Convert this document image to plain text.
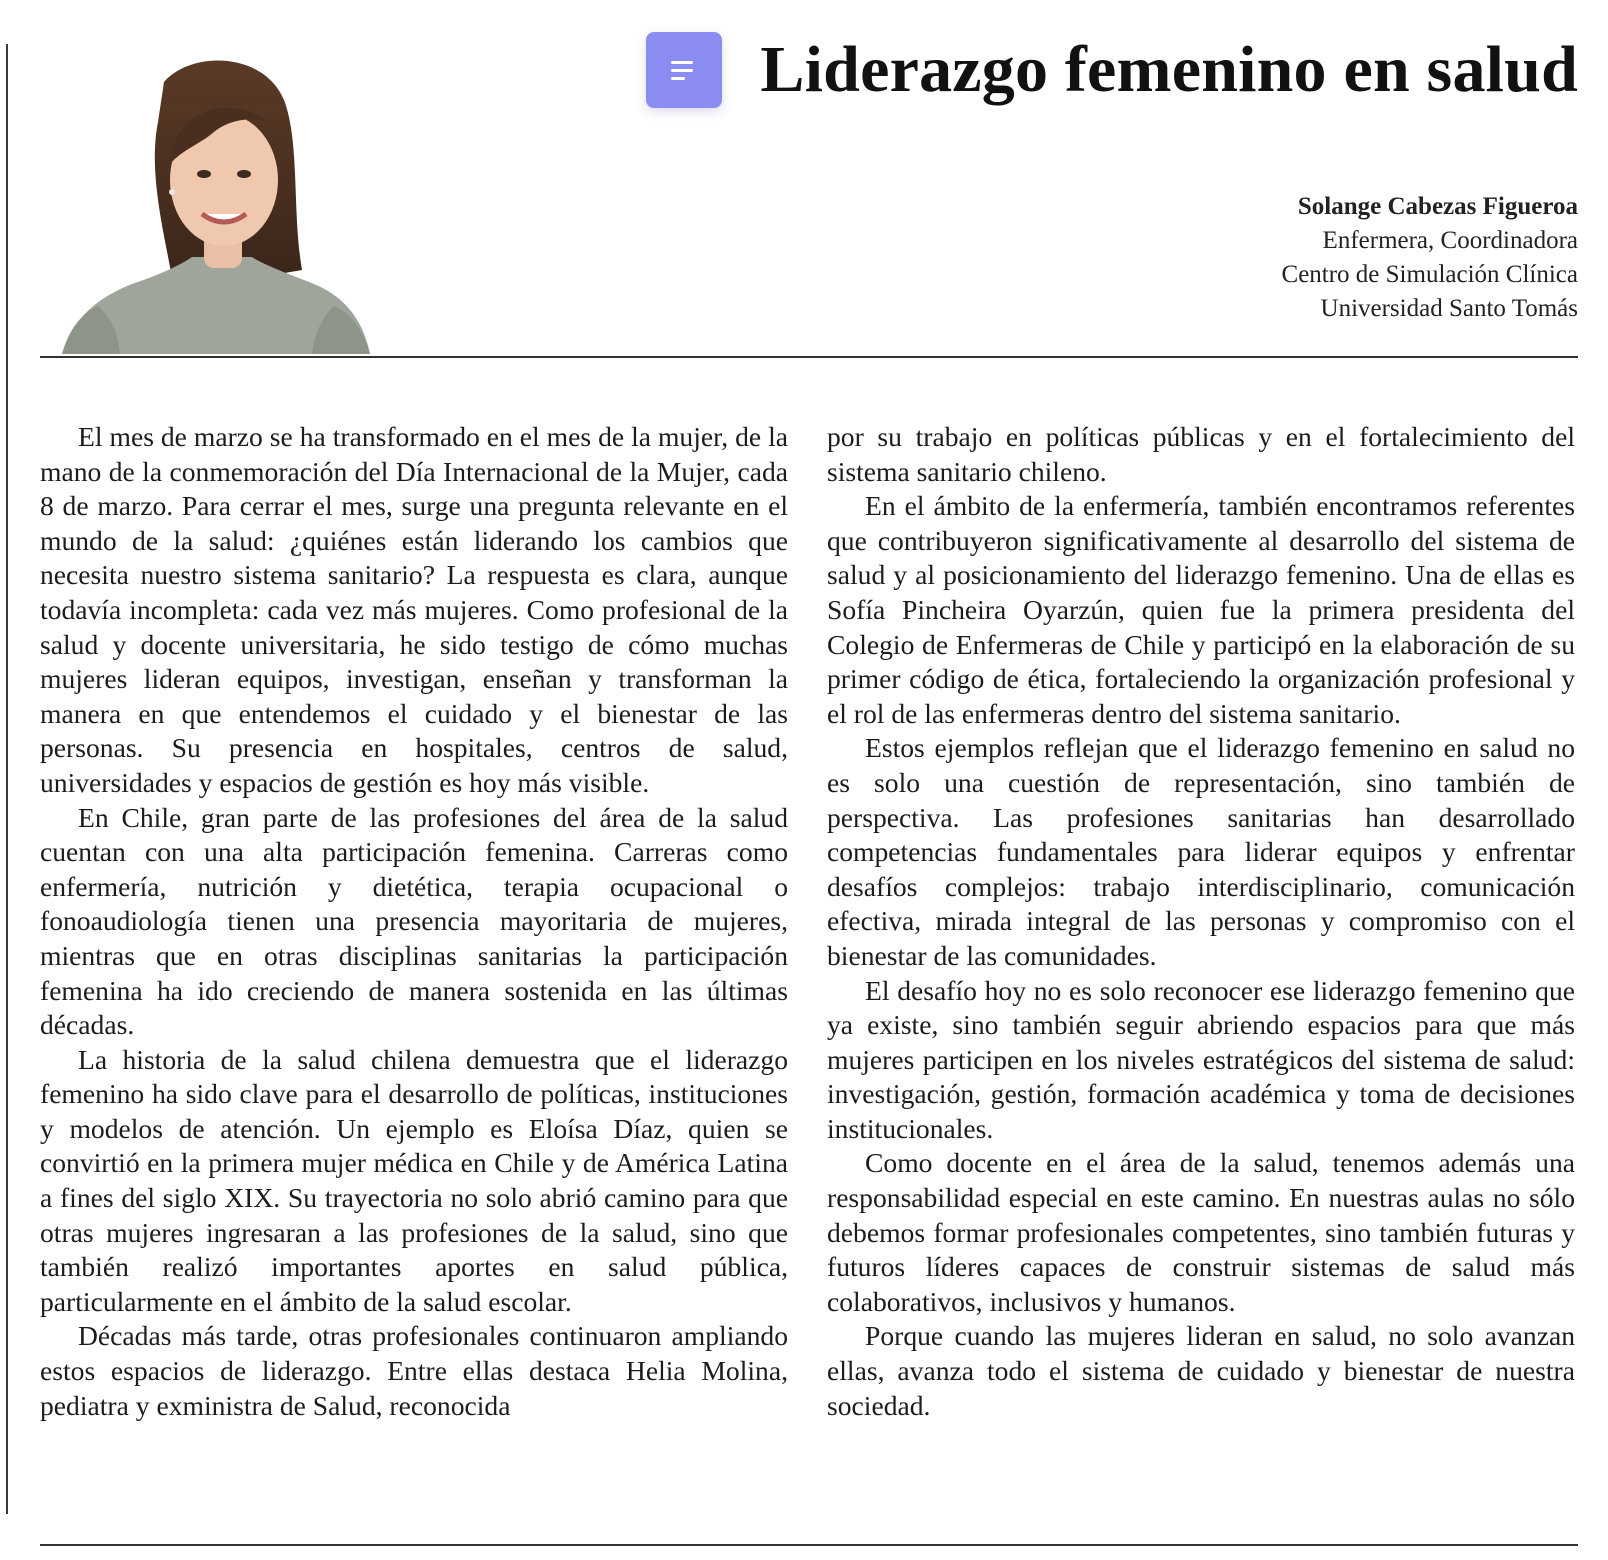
Liderazgo femenino en salud
Solange Cabezas Figueroa
Enfermera, Coordinadora
Centro de Simulación Clínica
Universidad Santo Tomás

El mes de marzo se ha transformado en el mes de la mujer, de la mano de la conmemoración del Día Internacional de la Mujer, cada 8 de marzo. Para cerrar el mes, surge una pregunta relevante en el mundo de la salud: ¿quiénes están liderando los cambios que necesita nuestro sistema sanitario? La respuesta es clara, aunque todavía incompleta: cada vez más mujeres. Como profesional de la salud y docente universitaria, he sido testigo de cómo muchas mujeres lideran equipos, investigan, enseñan y transforman la manera en que entendemos el cuidado y el bienestar de las personas. Su presencia en hospitales, centros de salud, universidades y espacios de gestión es hoy más visible.

En Chile, gran parte de las profesiones del área de la salud cuentan con una alta participación femenina. Carreras como enfermería, nutrición y dietética, terapia ocupacional o fonoaudiología tienen una presencia mayoritaria de mujeres, mientras que en otras disciplinas sanitarias la participación femenina ha ido creciendo de manera sostenida en las últimas décadas.

La historia de la salud chilena demuestra que el liderazgo femenino ha sido clave para el desarrollo de políticas, instituciones y modelos de atención. Un ejemplo es Eloísa Díaz, quien se convirtió en la primera mujer médica en Chile y de América Latina a fines del siglo XIX. Su trayectoria no solo abrió camino para que otras mujeres ingresaran a las profesiones de la salud, sino que también realizó importantes aportes en salud pública, particularmente en el ámbito de la salud escolar.

Décadas más tarde, otras profesionales continuaron ampliando estos espacios de liderazgo. Entre ellas destaca Helia Molina, pediatra y exministra de Salud, reconocida

por su trabajo en políticas públicas y en el fortalecimiento del sistema sanitario chileno.

En el ámbito de la enfermería, también encontramos referentes que contribuyeron significativamente al desarrollo del sistema de salud y al posicionamiento del liderazgo femenino. Una de ellas es Sofía Pincheira Oyarzún, quien fue la primera presidenta del Colegio de Enfermeras de Chile y participó en la elaboración de su primer código de ética, fortaleciendo la organización profesional y el rol de las enfermeras dentro del sistema sanitario.

Estos ejemplos reflejan que el liderazgo femenino en salud no es solo una cuestión de representación, sino también de perspectiva. Las profesiones sanitarias han desarrollado competencias fundamentales para liderar equipos y enfrentar desafíos complejos: trabajo interdisciplinario, comunicación efectiva, mirada integral de las personas y compromiso con el bienestar de las comunidades.

El desafío hoy no es solo reconocer ese liderazgo femenino que ya existe, sino también seguir abriendo espacios para que más mujeres participen en los niveles estratégicos del sistema de salud: investigación, gestión, formación académica y toma de decisiones institucionales.

Como docente en el área de la salud, tenemos además una responsabilidad especial en este camino. En nuestras aulas no sólo debemos formar profesionales competentes, sino también futuras y futuros líderes capaces de construir sistemas de salud más colaborativos, inclusivos y humanos.

Porque cuando las mujeres lideran en salud, no solo avanzan ellas, avanza todo el sistema de cuidado y bienestar de nuestra sociedad.
